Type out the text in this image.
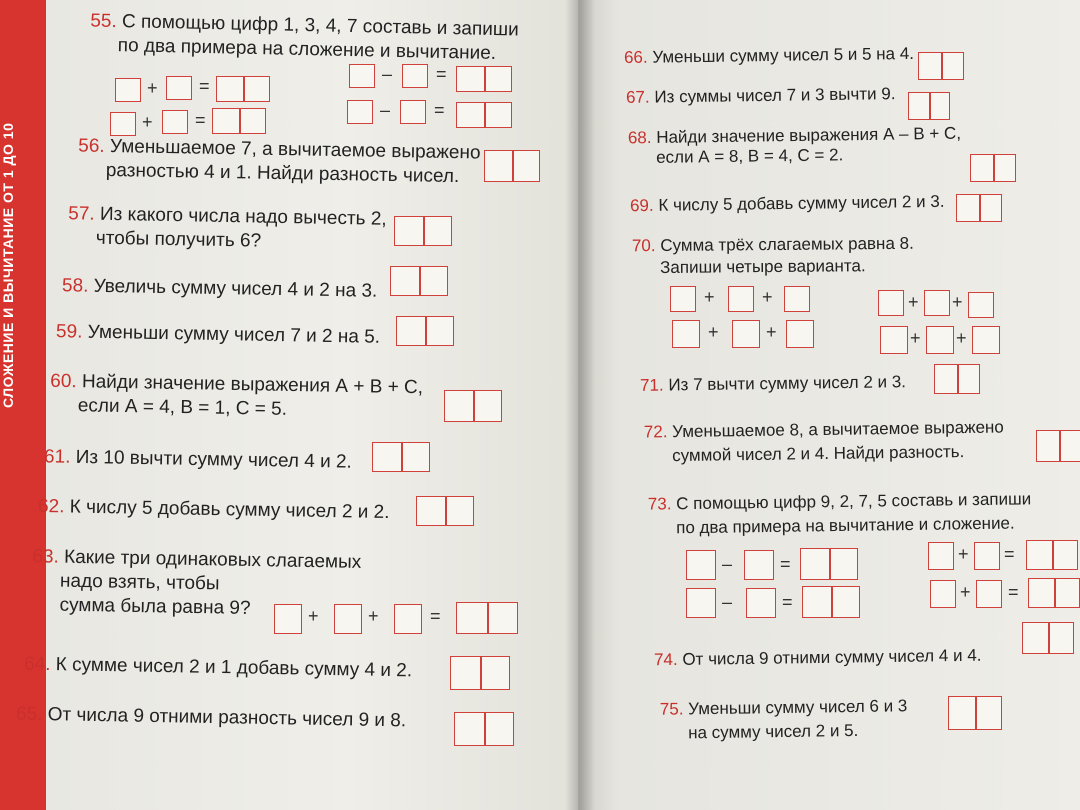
СЛОЖЕНИЕ И ВЫЧИТАНИЕ ОТ 1 ДО 10
55. С помощью цифр 1, 3, 4, 7 составь и запиши
по два примера на сложение и вычитание.
+ =
– =
+ =	– =
56. Уменьшаемое 7, а вычитаемое выражено
разностью 4 и 1. Найди разность чисел.
57. Из какого числа надо вычесть 2,
чтобы получить 6?
58. Увеличь сумму чисел 4 и 2 на 3.
59. Уменьши сумму чисел 7 и 2 на 5.
60. Найди значение выражения А + В + С,
если А = 4, В = 1, С = 5.
61. Из 10 вычти сумму чисел 4 и 2.
62. К числу 5 добавь сумму чисел 2 и 2.
63. Какие три одинаковых слагаемых
надо взять, чтобы
сумма была равна 9?	+	+	=
64. К сумме чисел 2 и 1 добавь сумму 4 и 2.
65. От числа 9 отними разность чисел 9 и 8.
66. Уменьши сумму чисел 5 и 5 на 4.
67. Из суммы чисел 7 и 3 вычти 9.
68. Найди значение выражения А – В + С,
если А = 8, В = 4, С = 2.
69. К числу 5 добавь сумму чисел 2 и 3.
70. Сумма трёх слагаемых равна 8.
Запиши четыре варианта.
+	+	+ +
+	+	+ +
71. Из 7 вычти сумму чисел 2 и 3.
72. Уменьшаемое 8, а вычитаемое выражено
суммой чисел 2 и 4. Найди разность.
73. С помощью цифр 9, 2, 7, 5 составь и запиши
по два примера на вычитание и сложение.
–	=	+ =
–	=	+ =
74. От числа 9 отними сумму чисел 4 и 4.
75. Уменьши сумму чисел 6 и 3
на сумму чисел 2 и 5.
